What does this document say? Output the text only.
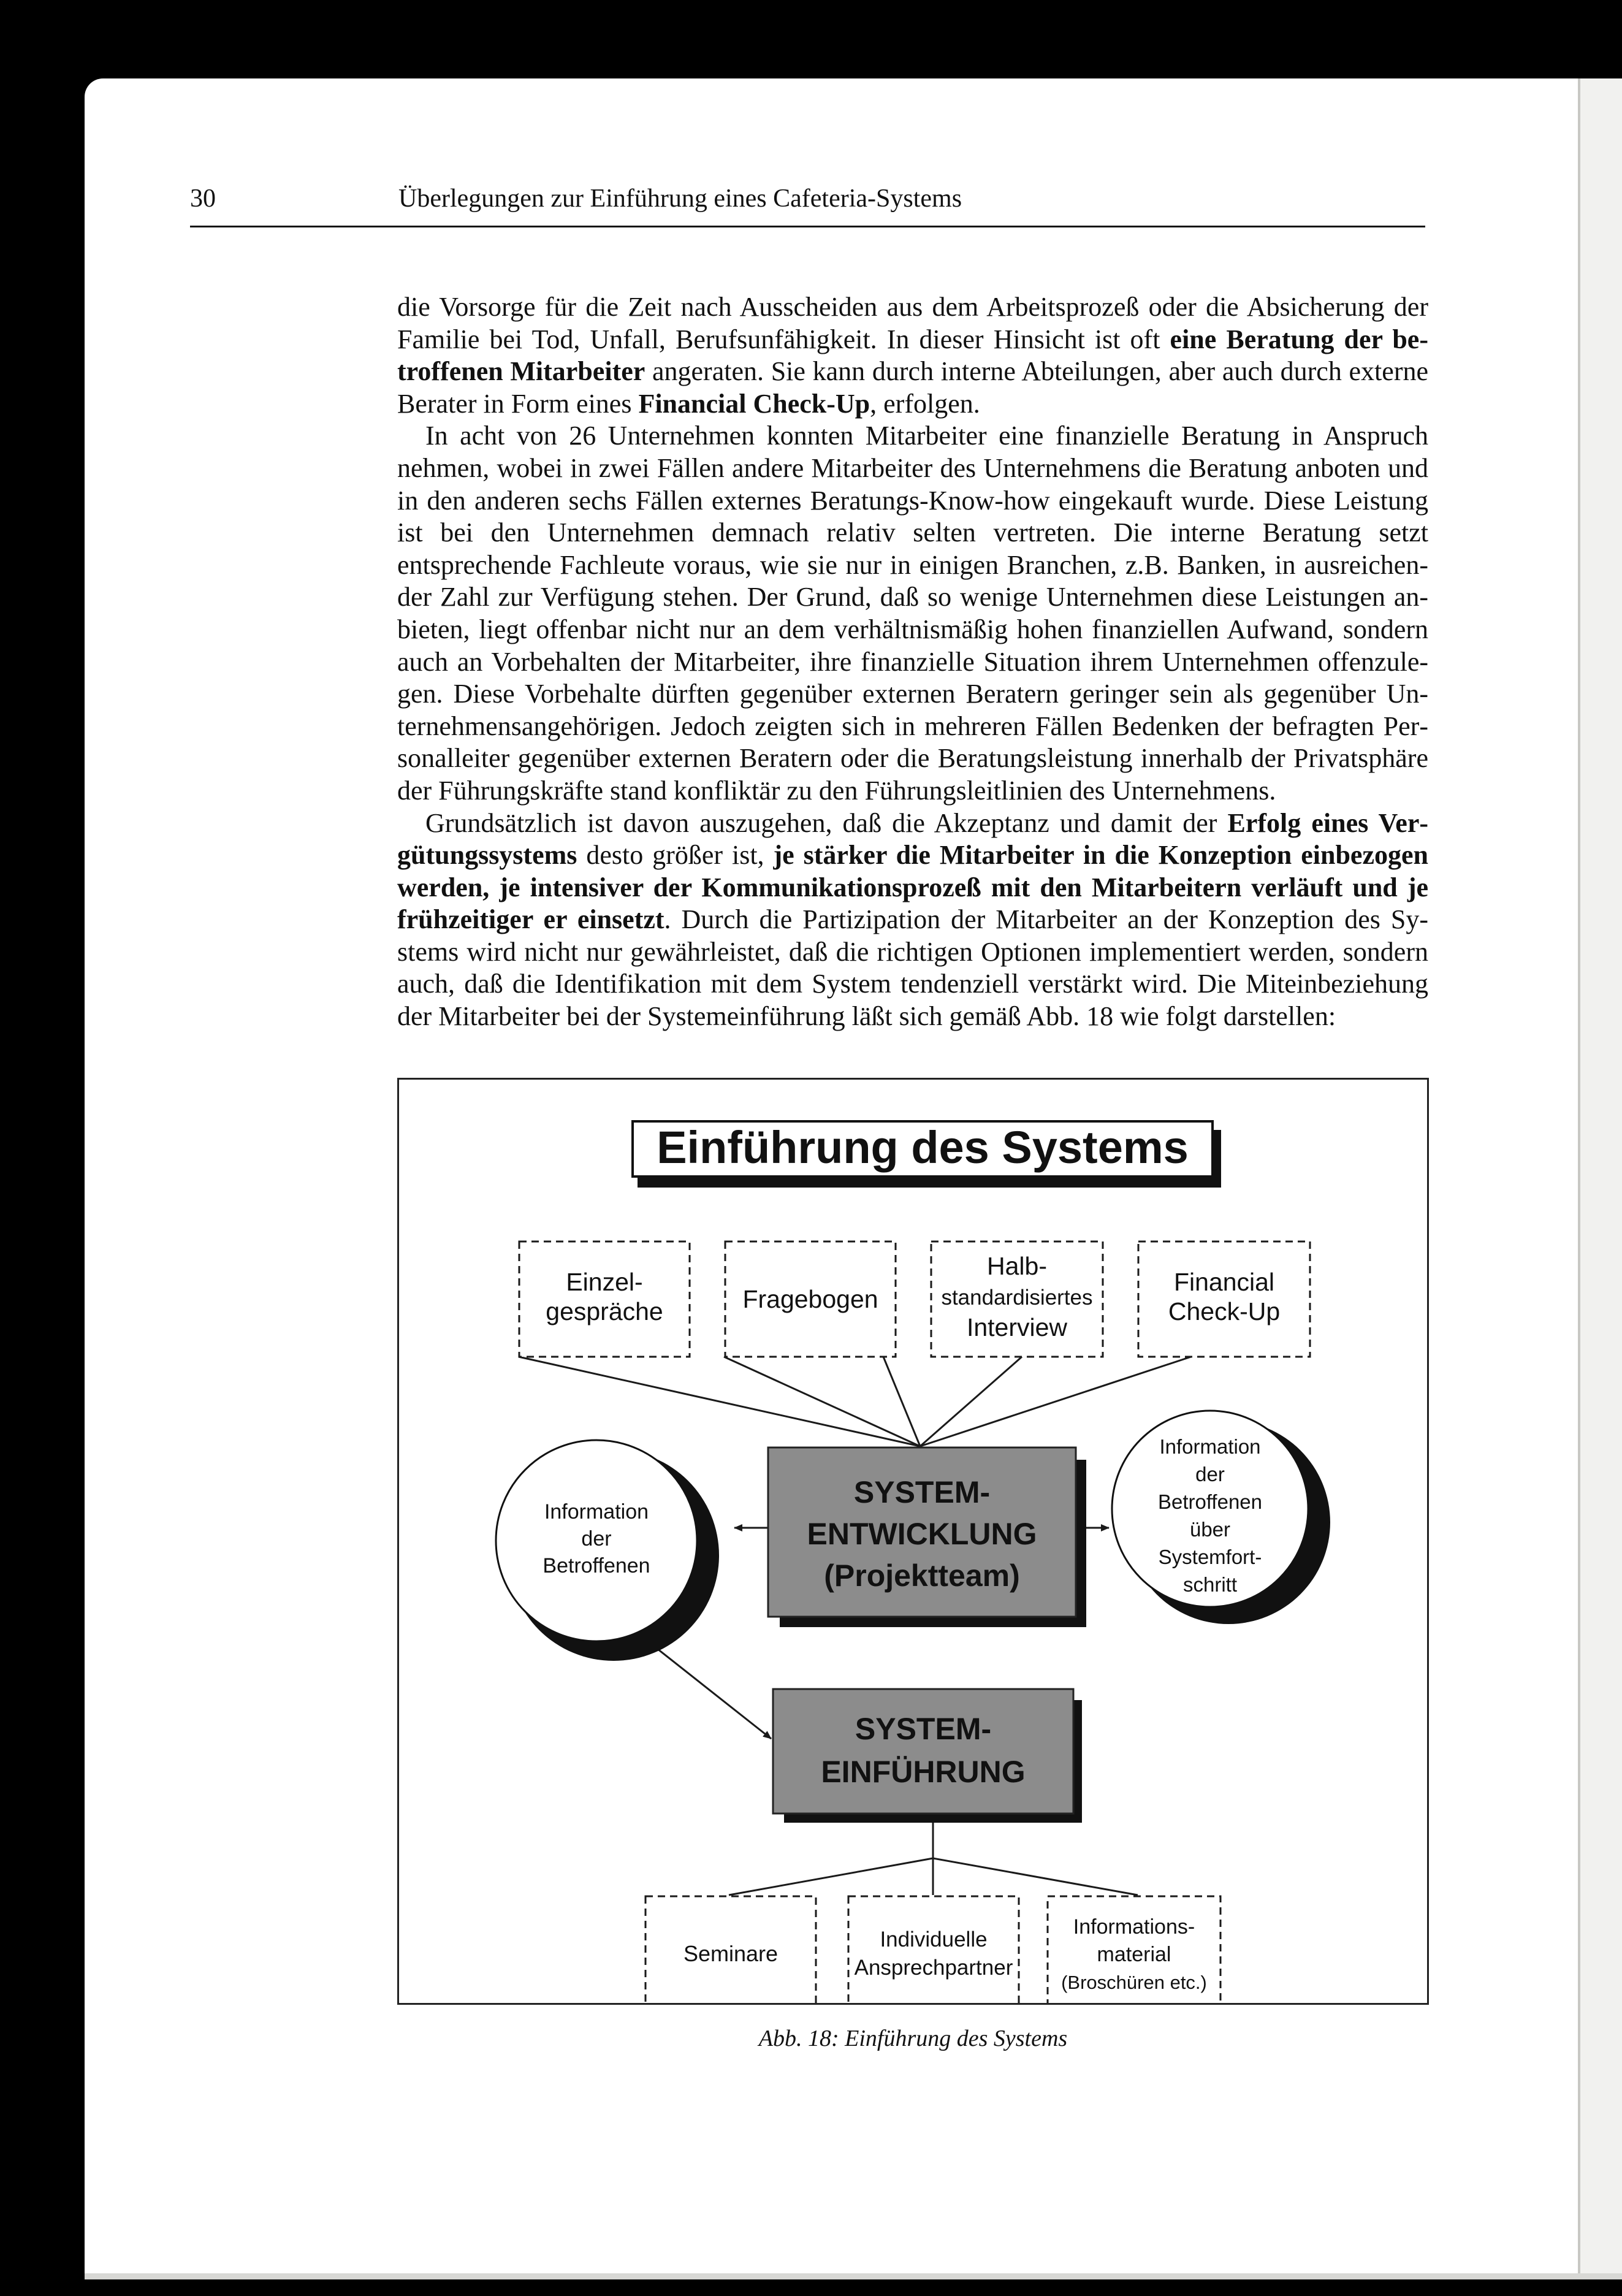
30	Überlegungen zur Einführung eines Cafeteria-Systems

die Vorsorge für die Zeit nach Ausscheiden aus dem Arbeitsprozeß oder die Absicherung der Familie bei Tod, Unfall, Berufsunfähigkeit. In dieser Hinsicht ist oft eine Beratung der betroffenen Mitarbeiter angeraten. Sie kann durch interne Abteilungen, aber auch durch externe Berater in Form eines Financial Check-Up, erfolgen.

In acht von 26 Unternehmen konnten Mitarbeiter eine finanzielle Beratung in Anspruch nehmen, wobei in zwei Fällen andere Mitarbeiter des Unternehmens die Beratung anboten und in den anderen sechs Fällen externes Beratungs-Know-how eingekauft wurde. Diese Leistung ist bei den Unternehmen demnach relativ selten vertreten. Die interne Beratung setzt entsprechende Fachleute voraus, wie sie nur in einigen Branchen, z.B. Banken, in ausreichender Zahl zur Verfügung stehen. Der Grund, daß so wenige Unternehmen diese Leistungen anbieten, liegt offenbar nicht nur an dem verhältnismäßig hohen finanziellen Aufwand, sondern auch an Vorbehalten der Mitarbeiter, ihre finanzielle Situation ihrem Unternehmen offenzulegen. Diese Vorbehalte dürften gegenüber externen Beratern geringer sein als gegenüber Unternehmensangehörigen. Jedoch zeigten sich in mehreren Fällen Bedenken der befragten Personalleiter gegenüber externen Beratern oder die Beratungsleistung innerhalb der Privatsphäre der Führungskräfte stand konfliktär zu den Führungsleitlinien des Unternehmens.

Grundsätzlich ist davon auszugehen, daß die Akzeptanz und damit der Erfolg eines Vergütungssystems desto größer ist, je stärker die Mitarbeiter in die Konzeption einbezogen werden, je intensiver der Kommunikationsprozeß mit den Mitarbeitern verläuft und je frühzeitiger er einsetzt. Durch die Partizipation der Mitarbeiter an der Konzeption des Systems wird nicht nur gewährleistet, daß die richtigen Optionen implementiert werden, sondern auch, daß die Identifikation mit dem System tendenziell verstärkt wird. Die Miteinbeziehung der Mitarbeiter bei der Systemeinführung läßt sich gemäß Abb. 18 wie folgt darstellen:

Einführung des Systems
Einzel-
gespräche	Fragebogen
Halb-
standardisiertes
Interview
Financial
Check-Up
Information
der
Betroffenen
Information
der
Betroffenen
über
Systemfort-
schritt
SYSTEM-
ENTWICKLUNG
(Projektteam)
SYSTEM-
EINFÜHRUNG
Seminare
Individuelle
Ansprechpartner
Informations-
material
(Broschüren etc.)
Abb. 18: Einführung des Systems
